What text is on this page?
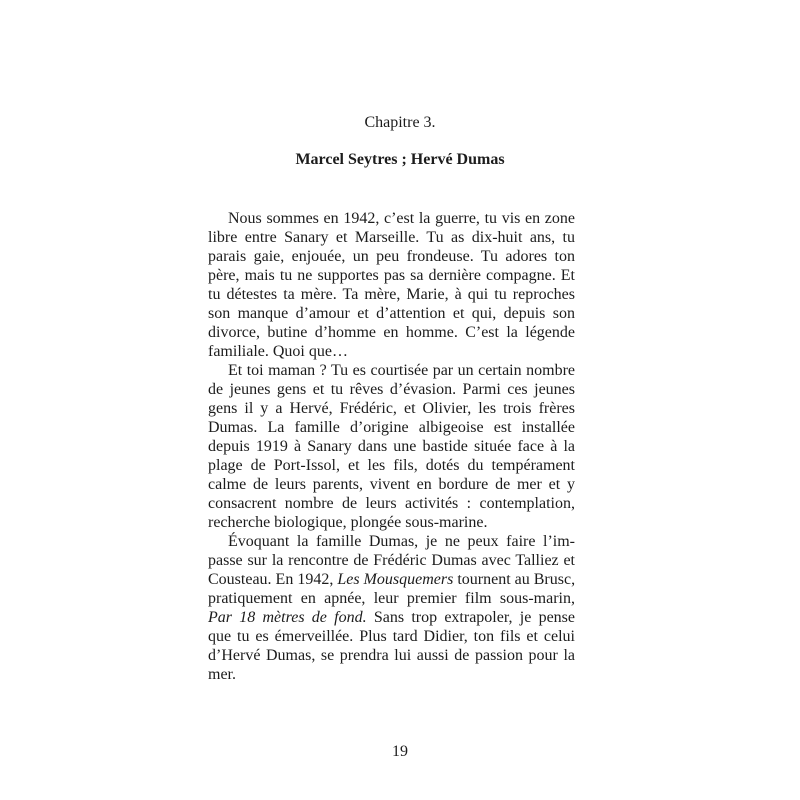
Chapitre 3.
Marcel Seytres ; Hervé Dumas
Nous sommes en 1942, c’est la guerre, tu vis en zone
libre entre Sanary et Marseille. Tu as dix-huit ans, tu
parais gaie, enjouée, un peu frondeuse. Tu adores ton
père, mais tu ne supportes pas sa dernière compagne. Et
tu détestes ta mère. Ta mère, Marie, à qui tu reproches
son manque d’amour et d’attention et qui, depuis son
divorce, butine d’homme en homme. C’est la légende
familiale. Quoi que…
Et toi maman ? Tu es courtisée par un certain nombre
de jeunes gens et tu rêves d’évasion. Parmi ces jeunes
gens il y a Hervé, Frédéric, et Olivier, les trois frères
Dumas. La famille d’origine albigeoise est installée
depuis 1919 à Sanary dans une bastide située face à la
plage de Port-Issol, et les fils, dotés du tempérament
calme de leurs parents, vivent en bordure de mer et y
consacrent nombre de leurs activités : contemplation,
recherche biologique, plongée sous-marine.
Évoquant la famille Dumas, je ne peux faire l’im-
passe sur la rencontre de Frédéric Dumas avec Talliez et
Cousteau. En 1942, Les Mousquemers tournent au Brusc,
pratiquement en apnée, leur premier film sous-marin,
Par 18 mètres de fond. Sans trop extrapoler, je pense
que tu es émerveillée. Plus tard Didier, ton fils et celui
d’Hervé Dumas, se prendra lui aussi de passion pour la
mer.
19
